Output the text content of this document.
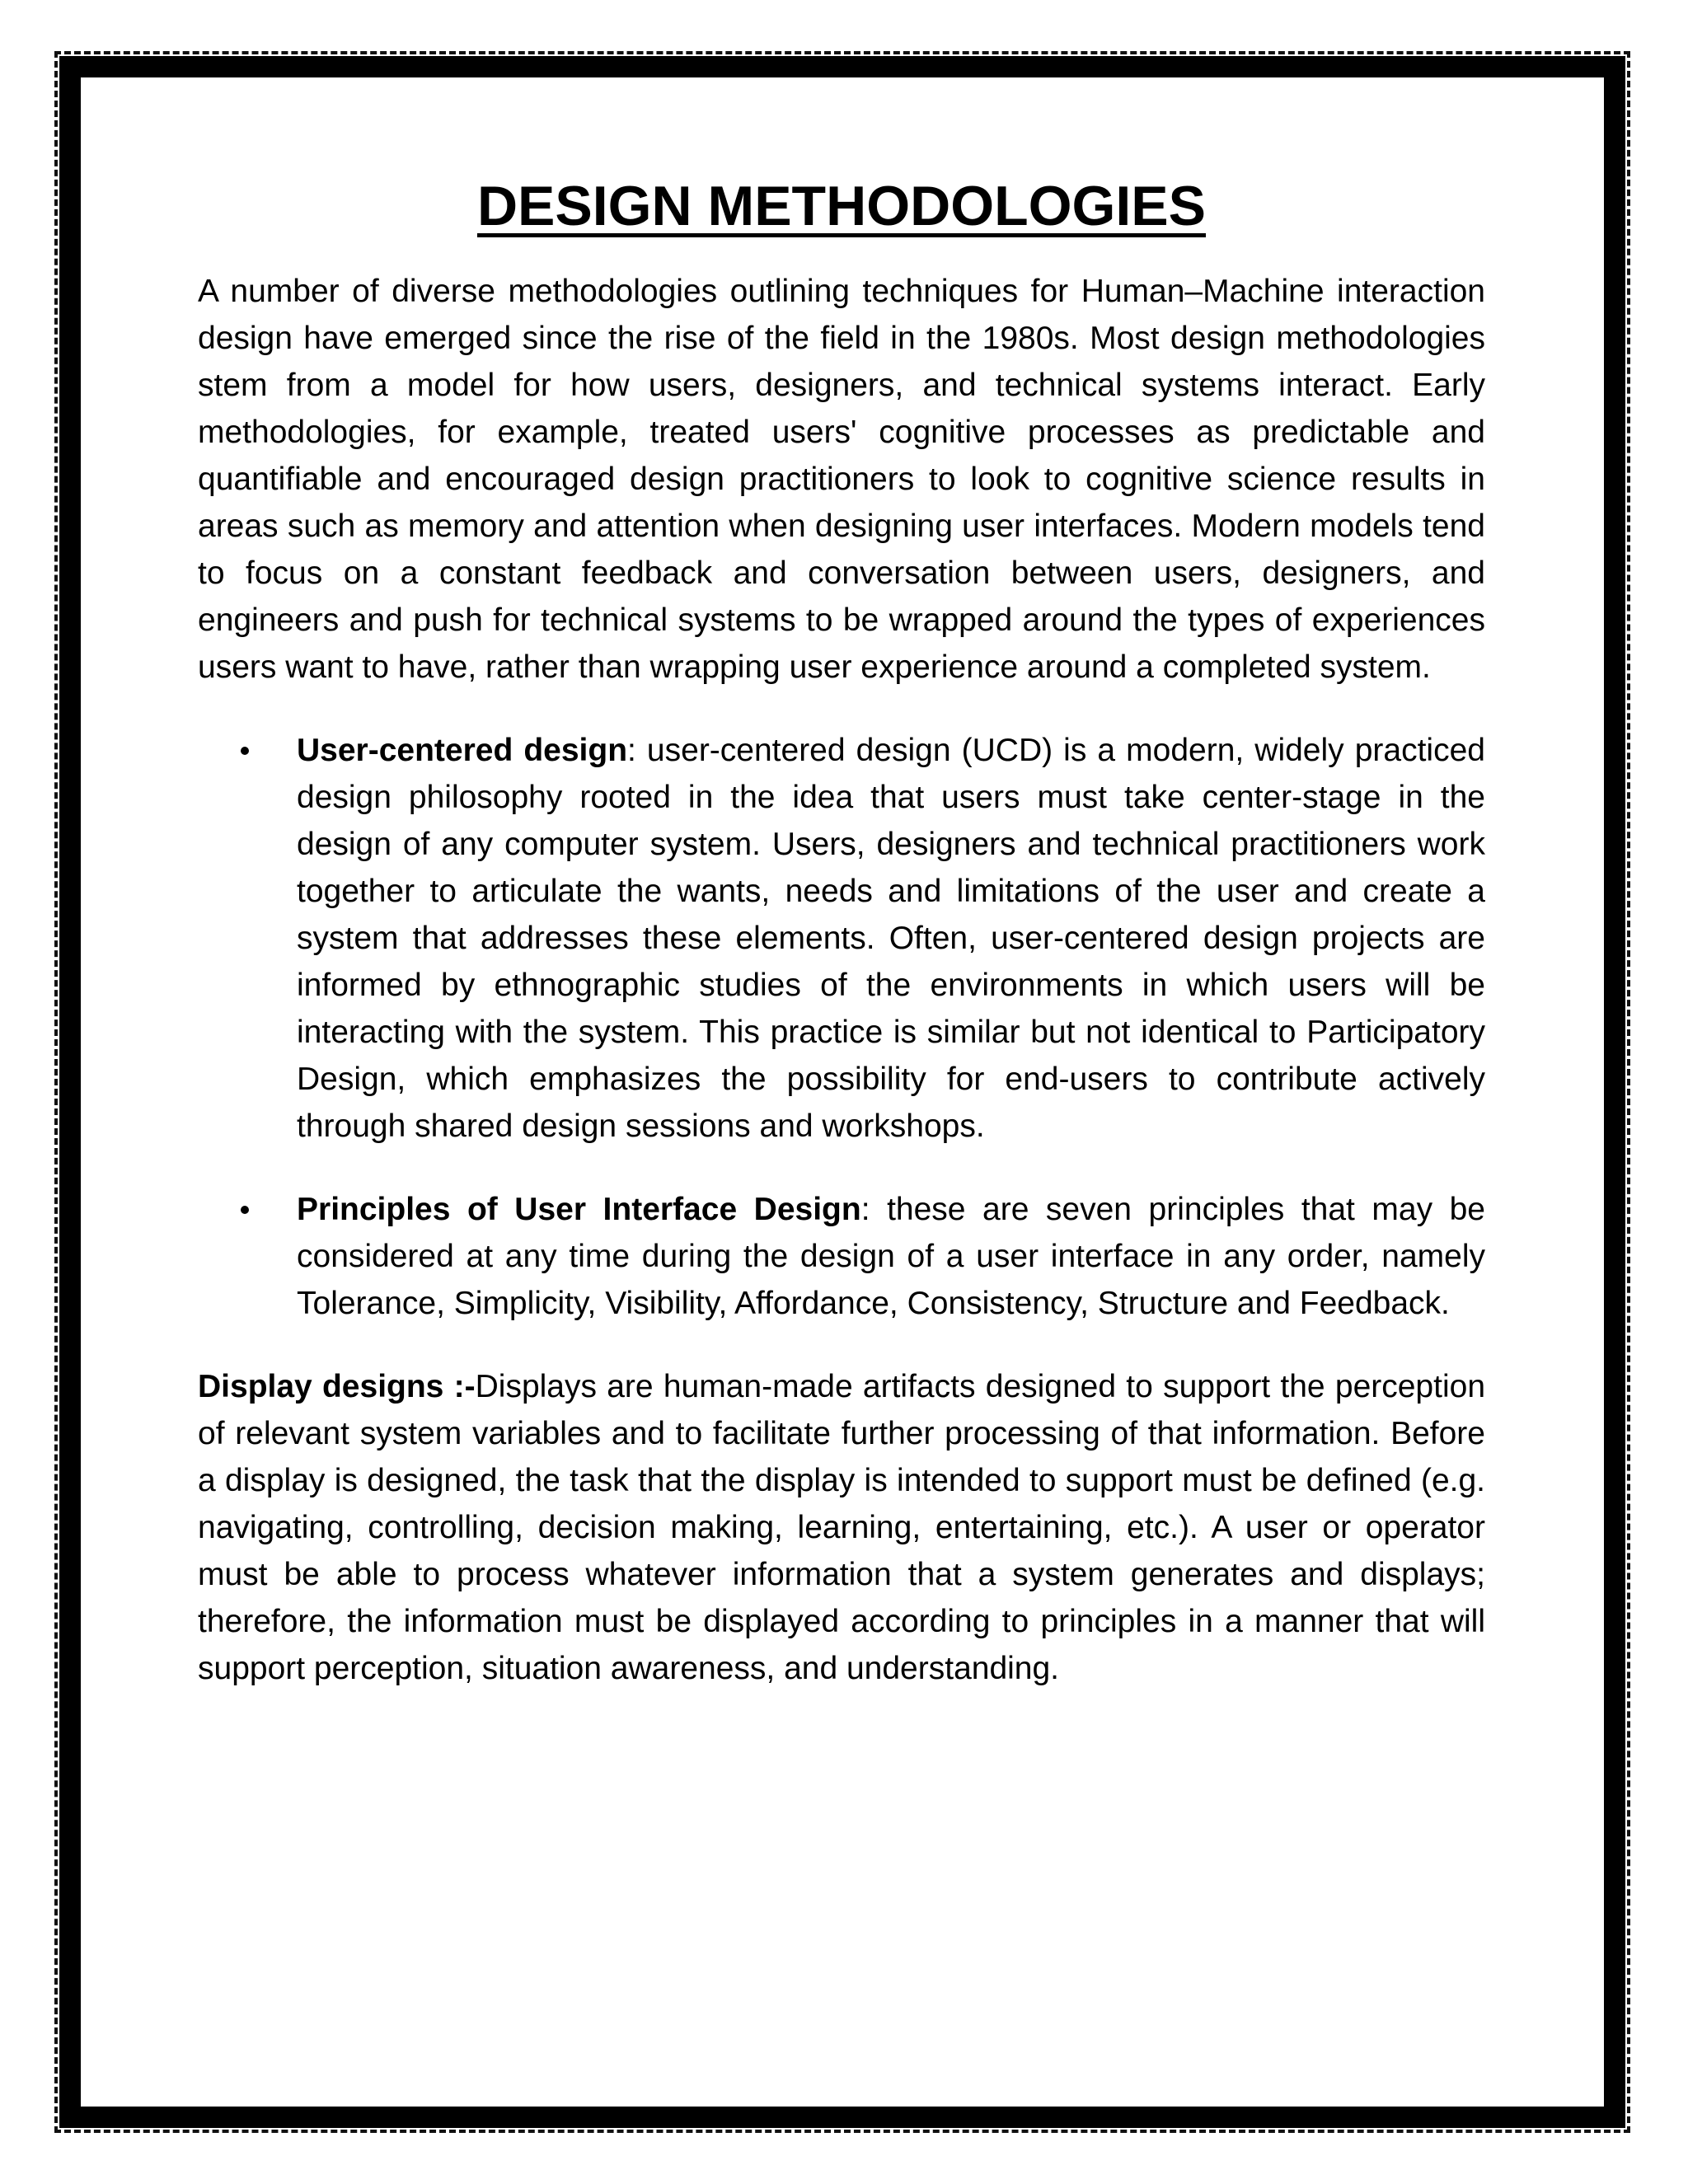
DESIGN METHODOLOGIES

A number of diverse methodologies outlining techniques for Human–Machine interaction design have emerged since the rise of the field in the 1980s. Most design methodologies stem from a model for how users, designers, and technical systems interact. Early methodologies, for example, treated users' cognitive processes as predictable and quantifiable and encouraged design practitioners to look to cognitive science results in areas such as memory and attention when designing user interfaces. Modern models tend to focus on a constant feedback and conversation between users, designers, and engineers and push for technical systems to be wrapped around the types of experiences users want to have, rather than wrapping user experience around a completed system.

User-centered design: user-centered design (UCD) is a modern, widely practiced design philosophy rooted in the idea that users must take center-stage in the design of any computer system. Users, designers and technical practitioners work together to articulate the wants, needs and limitations of the user and create a system that addresses these elements. Often, user-centered design projects are informed by ethnographic studies of the environments in which users will be interacting with the system. This practice is similar but not identical to Participatory Design, which emphasizes the possibility for end-users to contribute actively through shared design sessions and workshops.
Principles of User Interface Design: these are seven principles that may be considered at any time during the design of a user interface in any order, namely Tolerance, Simplicity, Visibility, Affordance, Consistency, Structure and Feedback.

Display designs :-Displays are human-made artifacts designed to support the perception of relevant system variables and to facilitate further processing of that information. Before a display is designed, the task that the display is intended to support must be defined (e.g. navigating, controlling, decision making, learning, entertaining, etc.). A user or operator must be able to process whatever information that a system generates and displays; therefore, the information must be displayed according to principles in a manner that will support perception, situation awareness, and understanding.
